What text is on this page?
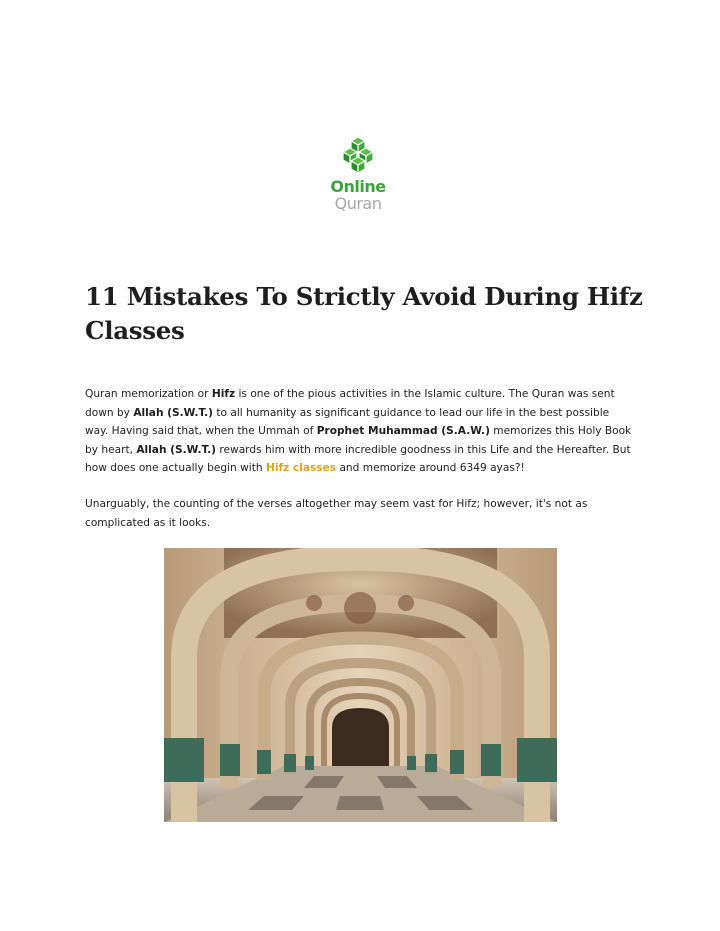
Online
Quran
11 Mistakes To Strictly Avoid During Hifz Classes

Quran memorization or Hifz is one of the pious activities in the Islamic culture. The Quran was sent down by Allah (S.W.T.) to all humanity as significant guidance to lead our life in the best possible way. Having said that, when the Ummah of Prophet Muhammad (S.A.W.) memorizes this Holy Book by heart, Allah (S.W.T.) rewards him with more incredible goodness in this Life and the Hereafter. But how does one actually begin with Hifz classes and memorize around 6349 ayas?!

Unarguably, the counting of the verses altogether may seem vast for Hifz; however, it's not as complicated as it looks.
